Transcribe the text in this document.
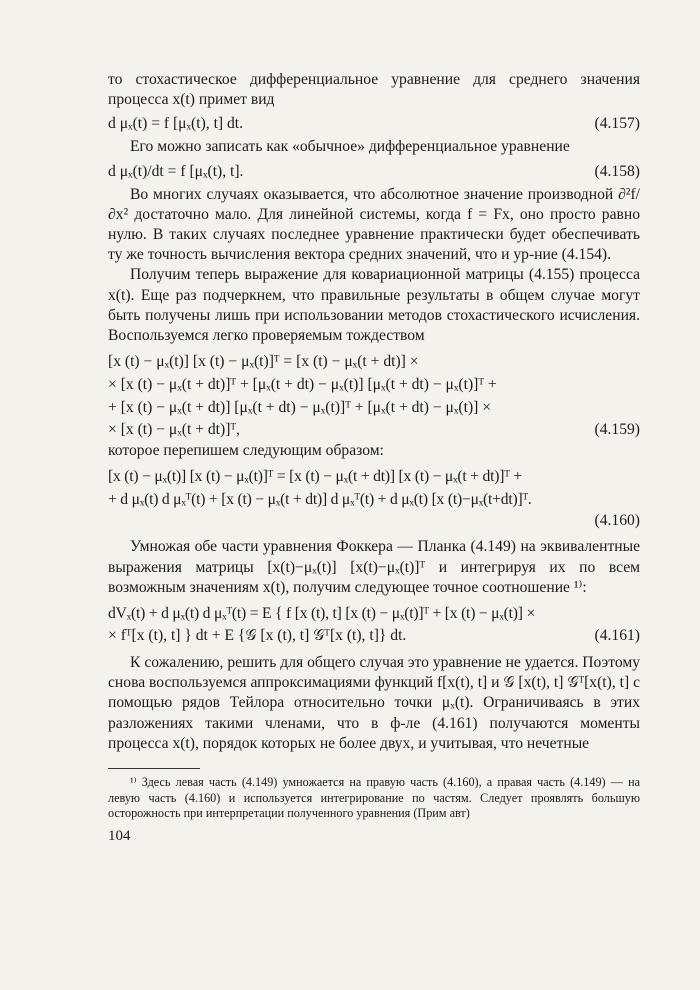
то стохастическое дифференциальное уравнение для среднего значения процесса x(t) примет вид

d μₓ(t) = f [μₓ(t), t] dt.	(4.157)

Его можно записать как «обычное» дифференциальное уравнение

d μₓ(t)/dt = f [μₓ(t), t].	(4.158)

Во многих случаях оказывается, что абсолютное значение производной ∂²f/∂x² достаточно мало. Для линейной системы, когда f = Fx, оно просто равно нулю. В таких случаях последнее уравнение практически будет обеспечивать ту же точность вычисления вектора средних значений, что и ур-ние (4.154).

Получим теперь выражение для ковариационной матрицы (4.155) процесса x(t). Еще раз подчеркнем, что правильные результаты в общем случае могут быть получены лишь при использовании методов стохастического исчисления. Воспользуемся легко проверяемым тождеством

[x (t) − μₓ(t)] [x (t) − μₓ(t)]ᵀ = [x (t) − μₓ(t + dt)] ×
× [x (t) − μₓ(t + dt)]ᵀ + [μₓ(t + dt) − μₓ(t)] [μₓ(t + dt) − μₓ(t)]ᵀ +
+ [x (t) − μₓ(t + dt)] [μₓ(t + dt) − μₓ(t)]ᵀ + [μₓ(t + dt) − μₓ(t)] ×
× [x (t) − μₓ(t + dt)]ᵀ,	(4.159)

которое перепишем следующим образом:

[x (t) − μₓ(t)] [x (t) − μₓ(t)]ᵀ = [x (t) − μₓ(t + dt)] [x (t) − μₓ(t + dt)]ᵀ +
+ d μₓ(t) d μₓᵀ(t) + [x (t) − μₓ(t + dt)] d μₓᵀ(t) + d μₓ(t) [x (t)−μₓ(t+dt)]ᵀ.
(4.160)

Умножая обе части уравнения Фоккера — Планка (4.149) на эквивалентные выражения матрицы [x(t)−μₓ(t)] [x(t)−μₓ(t)]ᵀ и интегрируя их по всем возможным значениям x(t), получим следующее точное соотношение ¹⁾:

dVₓ(t) + d μₓ(t) d μₓᵀ(t) = E { f [x (t), t] [x (t) − μₓ(t)]ᵀ + [x (t) − μₓ(t)] ×
× fᵀ[x (t), t] } dt + E {𝒢 [x (t), t] 𝒢ᵀ[x (t), t]} dt.	(4.161)

К сожалению, решить для общего случая это уравнение не удается. Поэтому снова воспользуемся аппроксимациями функций f[x(t), t] и 𝒢 [x(t), t] 𝒢ᵀ[x(t), t] с помощью рядов Тейлора относительно точки μₓ(t). Ограничиваясь в этих разложениях такими членами, что в ф-ле (4.161) получаются моменты процесса x(t), порядок которых не более двух, и учитывая, что нечетные

¹⁾ Здесь левая часть (4.149) умножается на правую часть (4.160), а правая часть (4.149) — на левую часть (4.160) и используется интегрирование по частям. Следует проявлять большую осторожность при интерпретации полученного уравнения (Прим авт)

104
